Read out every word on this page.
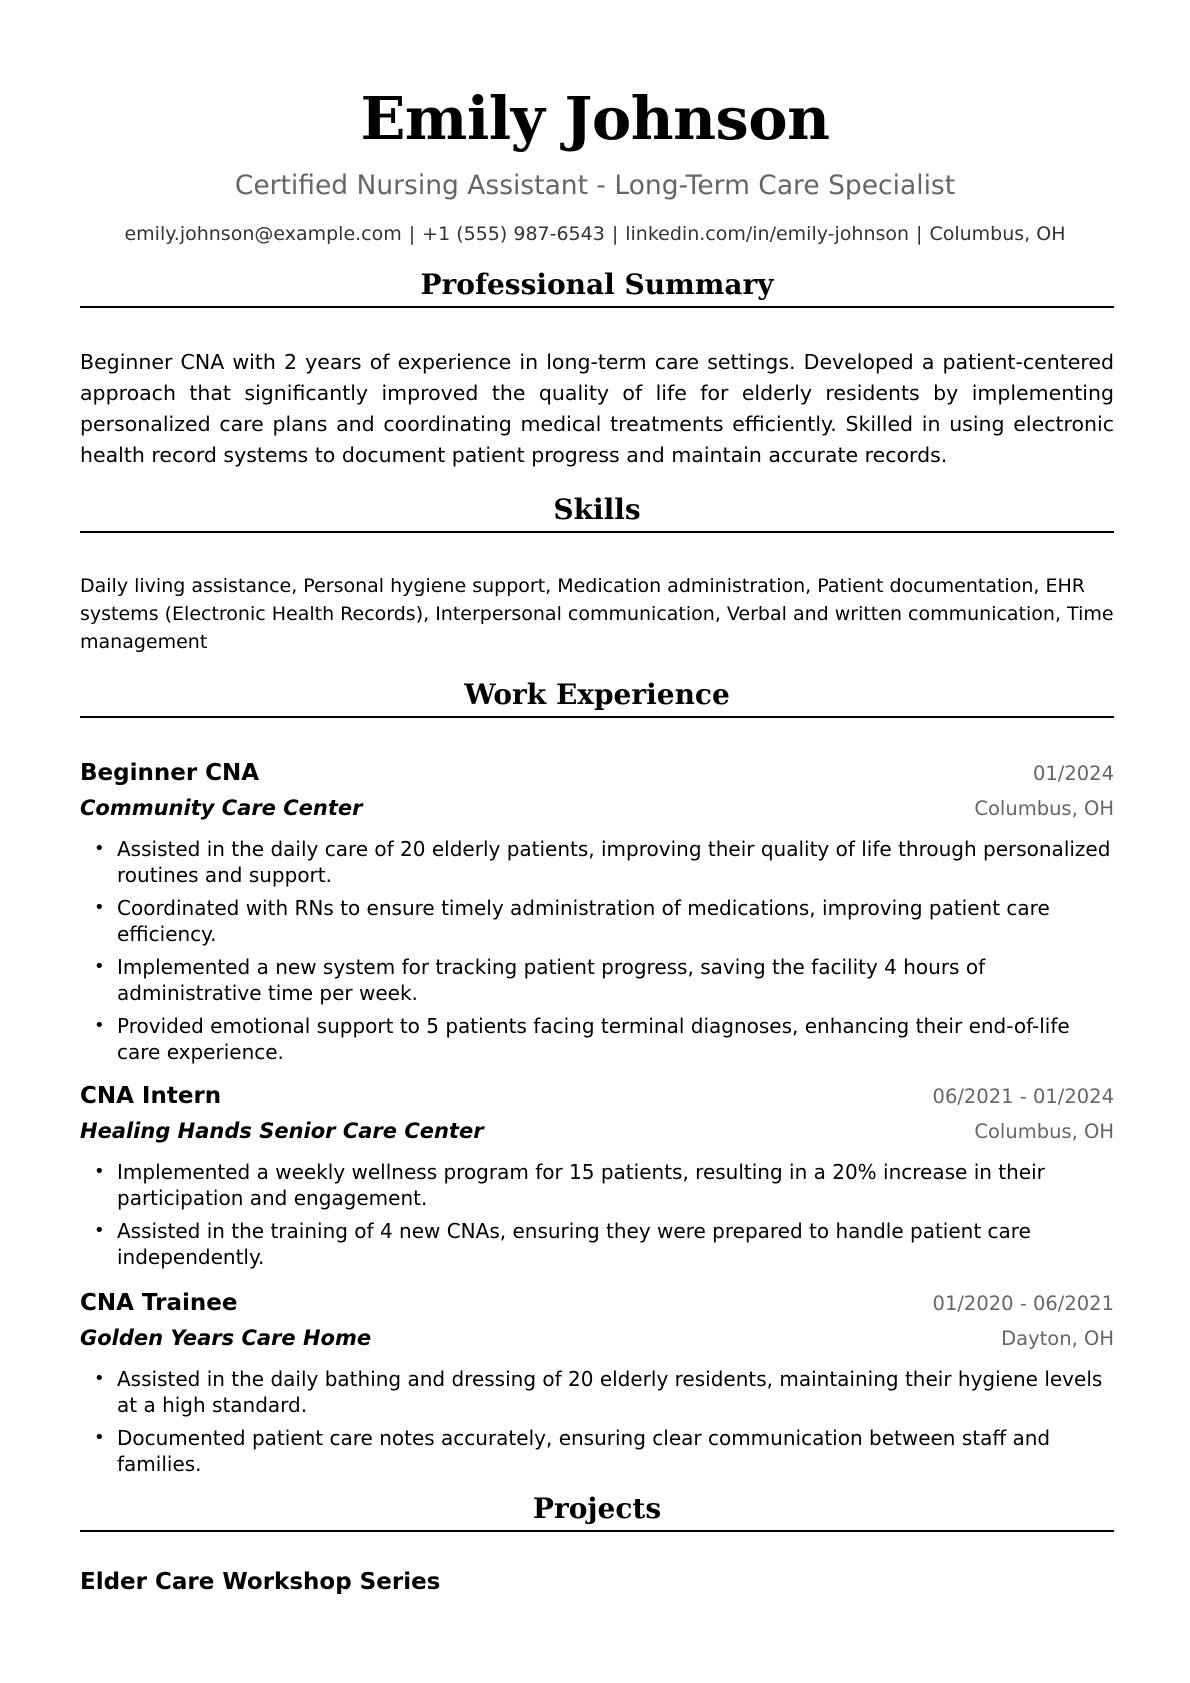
Emily Johnson
Certified Nursing Assistant - Long-Term Care Specialist
emily.johnson@example.com | +1 (555) 987-6543 | linkedin.com/in/emily-johnson | Columbus, OH
Professional Summary

Beginner CNA with 2 years of experience in long-term care settings. Developed a patient-centered approach that significantly improved the quality of life for elderly residents by implementing personalized care plans and coordinating medical treatments efficiently. Skilled in using electronic health record systems to document patient progress and maintain accurate records.

Skills

Daily living assistance, Personal hygiene support, Medication administration, Patient documentation, EHR systems (Electronic Health Records), Interpersonal communication, Verbal and written communication, Time management

Work Experience
Beginner CNA	01/2024
Community Care Center	Columbus, OH
• Assisted in the daily care of 20 elderly patients, improving their quality of life through personalized routines and support.
• Coordinated with RNs to ensure timely administration of medications, improving patient care efficiency.
• Implemented a new system for tracking patient progress, saving the facility 4 hours of administrative time per week.
• Provided emotional support to 5 patients facing terminal diagnoses, enhancing their end-of-life care experience.
CNA Intern	06/2021 - 01/2024
Healing Hands Senior Care Center	Columbus, OH
• Implemented a weekly wellness program for 15 patients, resulting in a 20% increase in their participation and engagement.
• Assisted in the training of 4 new CNAs, ensuring they were prepared to handle patient care independently.
CNA Trainee	01/2020 - 06/2021
Golden Years Care Home	Dayton, OH
• Assisted in the daily bathing and dressing of 20 elderly residents, maintaining their hygiene levels at a high standard.
• Documented patient care notes accurately, ensuring clear communication between staff and families.
Projects
Elder Care Workshop Series
